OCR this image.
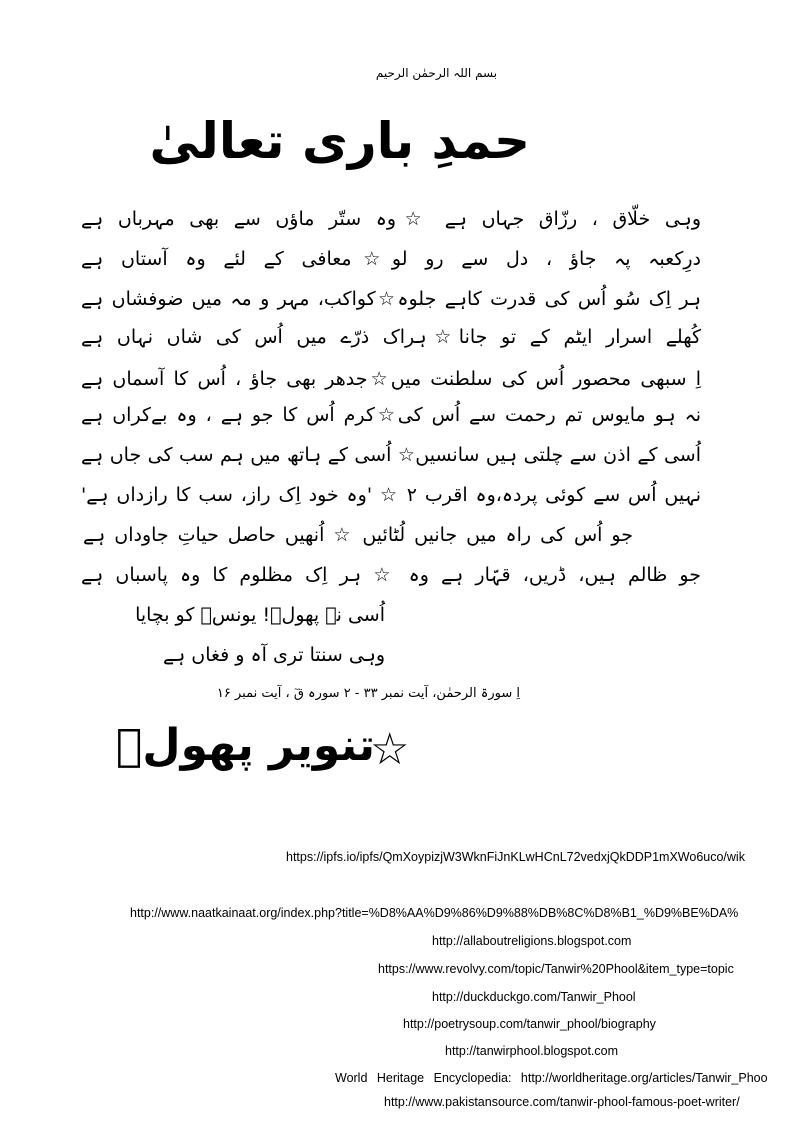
بسم اللہ الرحمٰن الرحیم
حمدِ باری تعالیٰ
وہی خلّاق ، رزّاق جہاں ہے ☆وہ ستّر ماؤں سے بھی مہرباں ہے
درِکعبہ پہ جاؤ ، دل سے رو لو☆معافی کے لئے وہ آستاں ہے
ہر اِک سُو اُس کی قدرت کاہے جلوہ☆کواکب، مہر و مہ میں ضوفشاں ہے
کُھلے اسرار ایٹم کے تو جانا☆ہراک ذرّے میں اُس کی شاں نہاں ہے
اِ سبھی محصور اُس کی سلطنت میں☆جدھر بھی جاؤ ، اُس کا آسماں ہے
نہ ہو مایوس تم رحمت سے اُس کی☆کرم اُس کا جو ہے ، وہ بےکراں ہے
اُسی کے اذن سے چلتی ہیں سانسیں☆ اُسی کے ہاتھ میں ہم سب کی جاں ہے
نہیں اُس سے کوئی پردہ،وہ اقرب ۲ ☆ 'وہ خود اِک راز، سب کا رازداں ہے'
جو اُس کی راہ میں جانیں لُٹائیں ☆ اُنھیں حاصل حیاتِ جاوداں ہے
جو ظالم ہیں، ڈریں، قہّار ہے وہ ☆ ہر اِک مظلوم کا وہ پاسباں ہے
اُسی نے پھولؔ! یونسؑ کو بچایا
وہی سنتا تری آہ و فغاں ہے
اِ سورۃ الرحمٰن، آیت نمبر ۳۳ - ۲ سورہ قٓ ، آیت نمبر ۱۶
☆
تنویر پھولؔ
https://ipfs.io/ipfs/QmXoypizjW3WknFiJnKLwHCnL72vedxjQkDDP1mXWo6uco/wik
http://www.naatkainaat.org/index.php?title=%D8%AA%D9%86%D9%88%DB%8C%D8%B1_%D9%BE%DA%
http://allaboutreligions.blogspot.com
https://www.revolvy.com/topic/Tanwir%20Phool&item_type=topic
http://duckduckgo.com/Tanwir_Phool
http://poetrysoup.com/tanwir_phool/biography
http://tanwirphool.blogspot.com
World Heritage Encyclopedia: http://worldheritage.org/articles/Tanwir_Phoo
http://www.pakistansource.com/tanwir-phool-famous-poet-writer/
